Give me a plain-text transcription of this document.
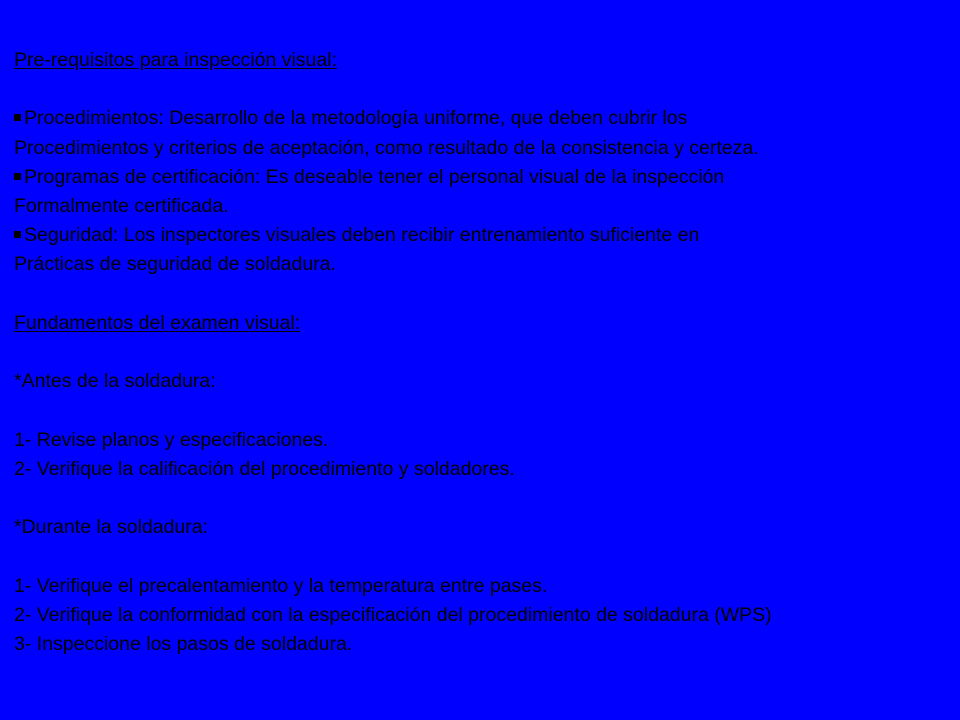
Pre-requisitos para inspección visual:
Procedimientos: Desarrollo de la metodología uniforme, que deben cubrir los
Procedimientos y criterios de aceptación, como resultado de la consistencia y certeza.
Programas de certificación: Es deseable tener el personal visual de la inspección
Formalmente certificada.
Seguridad: Los inspectores visuales deben recibir entrenamiento suficiente en
Prácticas de seguridad de soldadura.
Fundamentos del examen visual:
*Antes de la soldadura:
1- Revise planos y especificaciones.
2- Verifique la calificación del procedimiento y soldadores.
*Durante la soldadura:
1- Verifique el precalentamiento y la temperatura entre pases.
2- Verifique la conformidad con la especificación del procedimiento de soldadura (WPS)
3- Inspeccione los pasos de soldadura.
